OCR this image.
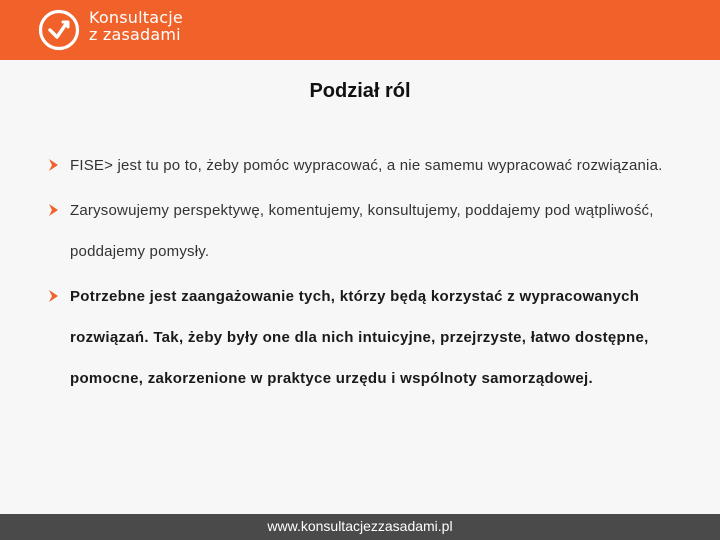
Konsultacje
z zasadami
Podział ról
FISE> jest tu po to, żeby pomóc wypracować, a nie samemu wypracować rozwiązania.
Zarysowujemy perspektywę, komentujemy, konsultujemy, poddajemy pod wątpliwość, poddajemy pomysły.
Potrzebne jest zaangażowanie tych, którzy będą korzystać z wypracowanych rozwiązań. Tak, żeby były one dla nich intuicyjne, przejrzyste, łatwo dostępne, pomocne, zakorzenione w praktyce urzędu i wspólnoty samorządowej.
www.konsultacjezzasadami.pl
